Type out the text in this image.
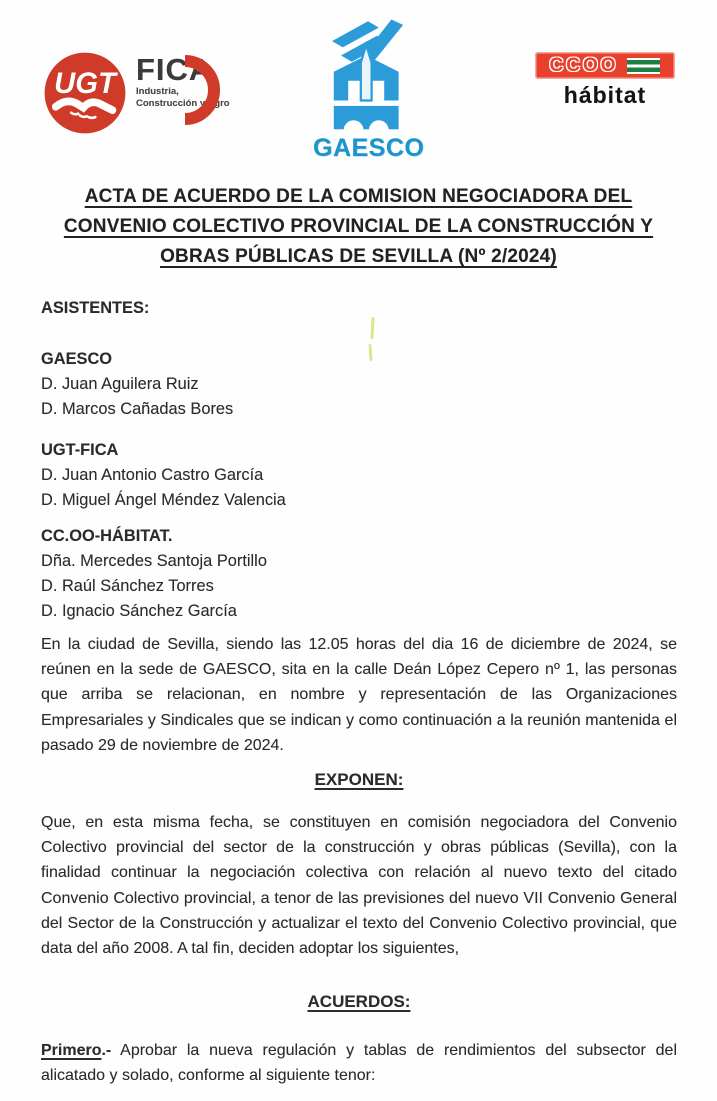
UGT FICA
Industria,
Construcción y Agro
GAESCO
CCOO
hábitat
ACTA DE ACUERDO DE LA COMISION NEGOCIADORA DEL
CONVENIO COLECTIVO PROVINCIAL DE LA CONSTRUCCIÓN Y
OBRAS PÚBLICAS DE SEVILLA (Nº 2/2024)
ASISTENTES:
GAESCO
D. Juan Aguilera Ruiz
D. Marcos Cañadas Bores
UGT-FICA
D. Juan Antonio Castro García
D. Miguel Ángel Méndez Valencia
CC.OO-HÁBITAT.
Dña. Mercedes Santoja Portillo
D. Raúl Sánchez Torres
D. Ignacio Sánchez García

En la ciudad de Sevilla, siendo las 12.05 horas del dia 16 de diciembre de 2024, se reúnen en la sede de GAESCO, sita en la calle Deán López Cepero nº 1, las personas que arriba se relacionan, en nombre y representación de las Organizaciones Empresariales y Sindicales que se indican y como continuación a la reunión mantenida el pasado 29 de noviembre de 2024.

EXPONEN:

Que, en esta misma fecha, se constituyen en comisión negociadora del Convenio Colectivo provincial del sector de la construcción y obras públicas (Sevilla), con la finalidad continuar la negociación colectiva con relación al nuevo texto del citado Convenio Colectivo provincial, a tenor de las previsiones del nuevo VII Convenio General del Sector de la Construcción y actualizar el texto del Convenio Colectivo provincial, que data del año 2008. A tal fin, deciden adoptar los siguientes,

ACUERDOS:

Primero.- Aprobar la nueva regulación y tablas de rendimientos del subsector del alicatado y solado, conforme al siguiente tenor:
